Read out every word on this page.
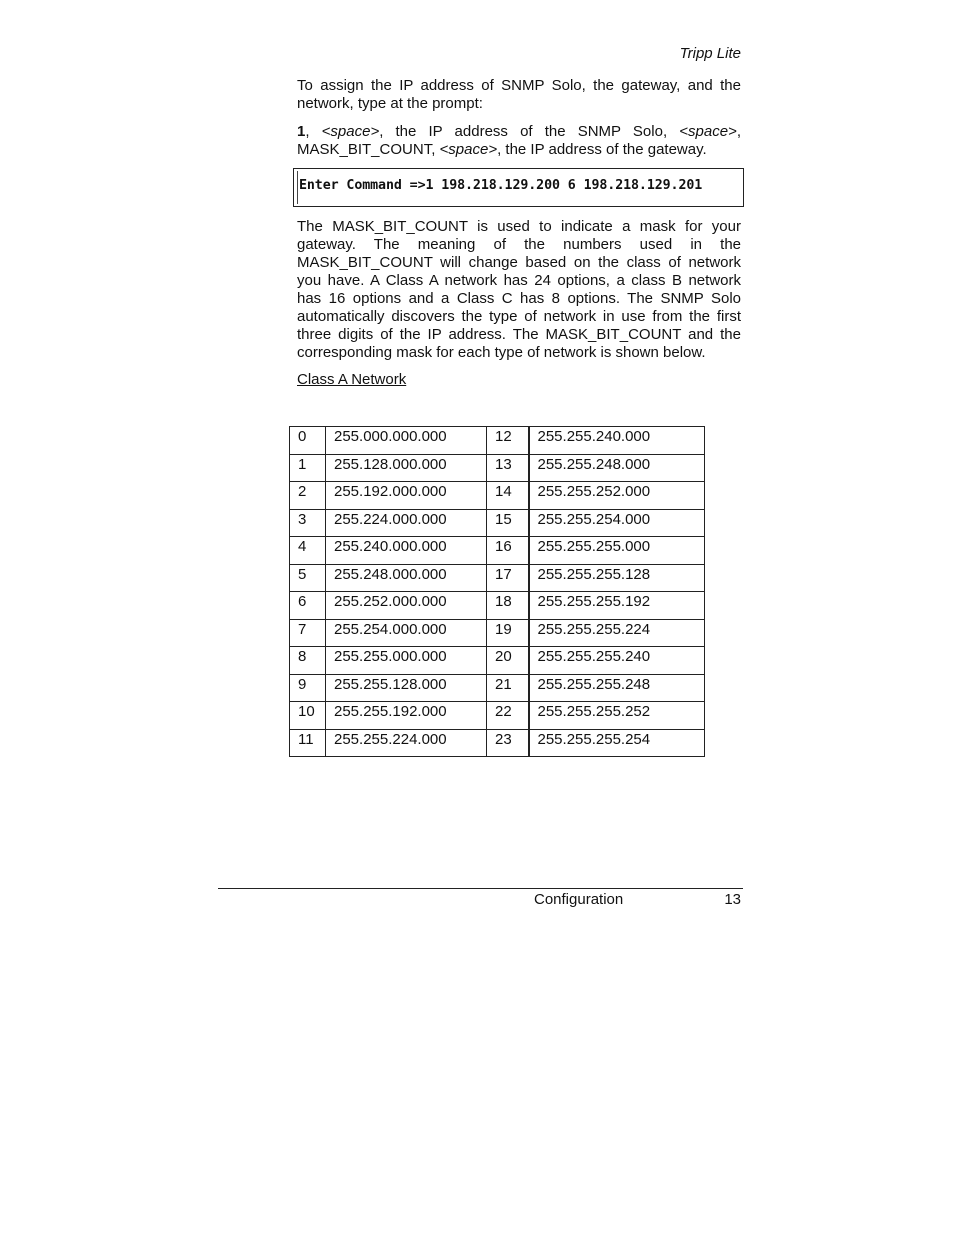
Tripp Lite

To assign the IP address of SNMP Solo, the gateway, and the network, type at the prompt:

1, <space>, the IP address of the SNMP Solo, <space>, MASK_BIT_COUNT, <space>, the IP address of the gateway.

Enter Command =>1 198.218.129.200 6 198.218.129.201

The MASK_BIT_COUNT is used to indicate a mask for your gateway. The meaning of the numbers used in the MASK_BIT_COUNT will change based on the class of network you have. A Class A network has 24 options, a class B network has 16 options and a Class C has 8 options. The SNMP Solo automatically discovers the type of network in use from the first three digits of the IP address. The MASK_BIT_COUNT and the corresponding mask for each type of network is shown below.

Class A Network
0	255.000.000.000	12	255.255.240.000
1	255.128.000.000	13	255.255.248.000
2	255.192.000.000	14	255.255.252.000
3	255.224.000.000	15	255.255.254.000
4	255.240.000.000	16	255.255.255.000
5	255.248.000.000	17	255.255.255.128
6	255.252.000.000	18	255.255.255.192
7	255.254.000.000	19	255.255.255.224
8	255.255.000.000	20	255.255.255.240
9	255.255.128.000	21	255.255.255.248
10	255.255.192.000	22	255.255.255.252
11	255.255.224.000	23	255.255.255.254
Configuration	13
